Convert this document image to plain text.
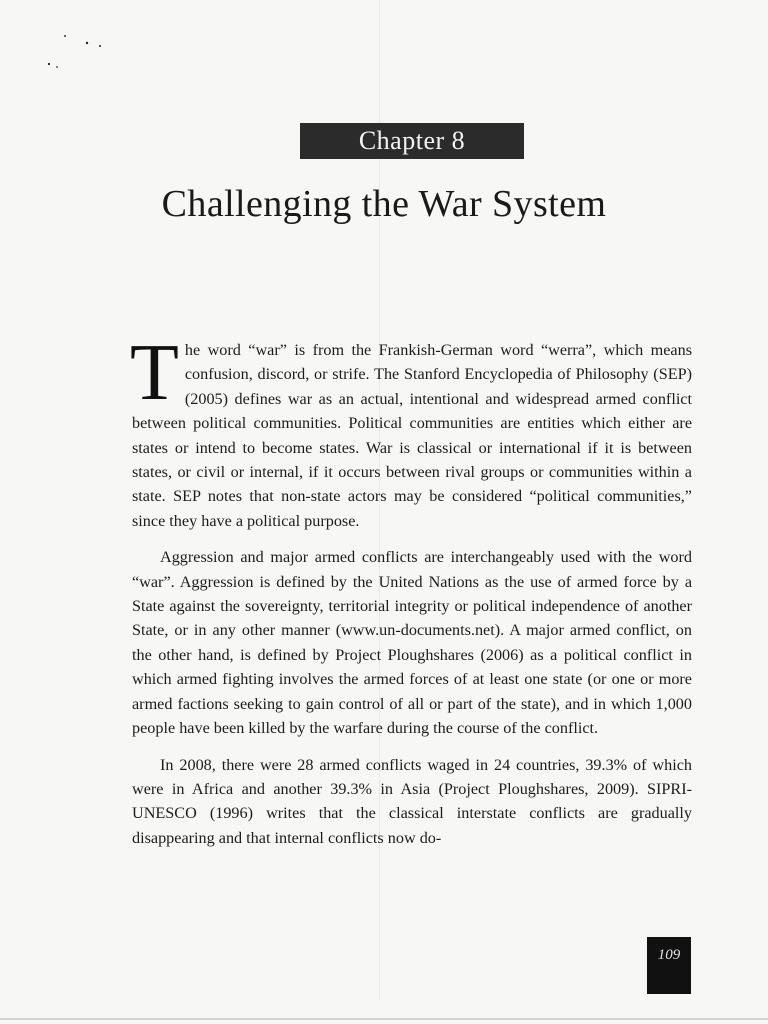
Chapter 8
Challenging the War System

The word “war” is from the Frankish-German word “werra”, which means confusion, discord, or strife. The Stanford Encyclopedia of Philosophy (SEP) (2005) defines war as an actual, intentional and widespread armed conflict between political communities. Political communities are entities which either are states or intend to become states. War is classical or international if it is between states, or civil or internal, if it occurs between rival groups or communities within a state. SEP notes that non-state actors may be considered “political communities,” since they have a political purpose.

Aggression and major armed conflicts are interchangeably used with the word “war”. Aggression is defined by the United Nations as the use of armed force by a State against the sovereignty, territorial integrity or political independence of another State, or in any other manner (www.un-documents.net). A major armed conflict, on the other hand, is defined by Project Ploughshares (2006) as a political conflict in which armed fighting involves the armed forces of at least one state (or one or more armed factions seeking to gain control of all or part of the state), and in which 1,000 people have been killed by the warfare during the course of the conflict.

In 2008, there were 28 armed conflicts waged in 24 countries, 39.3% of which were in Africa and another 39.3% in Asia (Project Ploughshares, 2009). SIPRI-UNESCO (1996) writes that the classical interstate conflicts are gradually disappearing and that internal conflicts now do-

109
